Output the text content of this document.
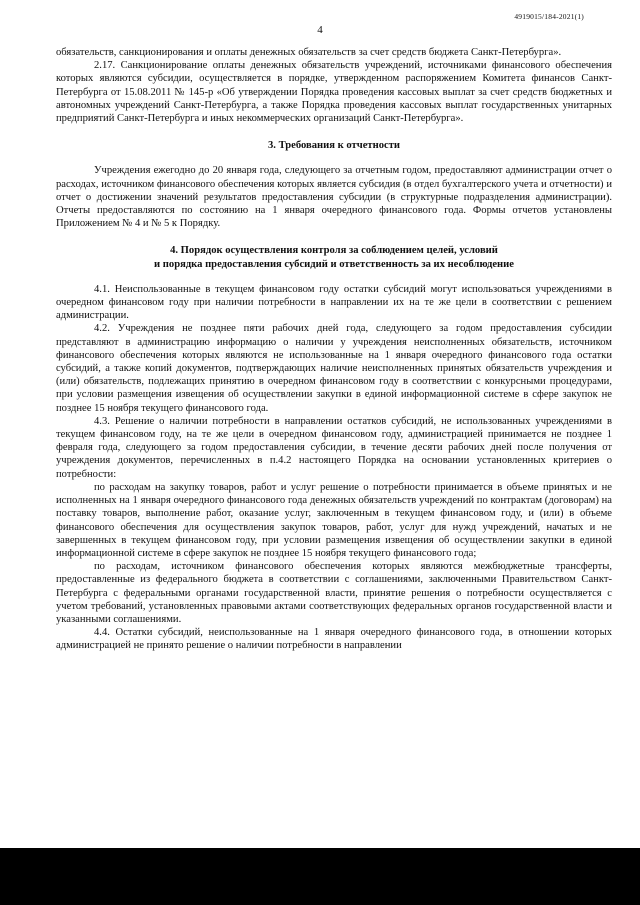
4919015/184-2021(1)
4

обязательств, санкционирования и оплаты денежных обязательств за счет средств бюджета Санкт-Петербурга».

2.17. Санкционирование оплаты денежных обязательств учреждений, источниками финансового обеспечения которых являются субсидии, осуществляется в порядке, утвержденном распоряжением Комитета финансов Санкт-Петербурга от 15.08.2011 № 145-р «Об утверждении Порядка проведения кассовых выплат за счет средств бюджетных и автономных учреждений Санкт-Петербурга, а также Порядка проведения кассовых выплат государственных унитарных предприятий Санкт-Петербурга и иных некоммерческих организаций Санкт-Петербурга».

3. Требования к отчетности

Учреждения ежегодно до 20 января года, следующего за отчетным годом, предоставляют администрации отчет о расходах, источником финансового обеспечения которых является субсидия (в отдел бухгалтерского учета и отчетности) и отчет о достижении значений результатов предоставления субсидии (в структурные подразделения администрации). Отчеты предоставляются по состоянию на 1 января очередного финансового года. Формы отчетов установлены Приложением № 4 и № 5 к Порядку.

4. Порядок осуществления контроля за соблюдением целей, условий
и порядка предоставления субсидий и ответственность за их несоблюдение

4.1. Неиспользованные в текущем финансовом году остатки субсидий могут использоваться учреждениями в очередном финансовом году при наличии потребности в направлении их на те же цели в соответствии с решением администрации.

4.2. Учреждения не позднее пяти рабочих дней года, следующего за годом предоставления субсидии представляют в администрацию информацию о наличии у учреждения неисполненных обязательств, источником финансового обеспечения которых являются не использованные на 1 января очередного финансового года остатки субсидий, а также копий документов, подтверждающих наличие неисполненных принятых обязательств учреждения и (или) обязательств, подлежащих принятию в очередном финансовом году в соответствии с конкурсными процедурами, при условии размещения извещения об осуществлении закупки в единой информационной системе в сфере закупок не позднее 15 ноября текущего финансового года.

4.3. Решение о наличии потребности в направлении остатков субсидий, не использованных учреждениями в текущем финансовом году, на те же цели в очередном финансовом году, администрацией принимается не позднее 1 февраля года, следующего за годом предоставления субсидии, в течение десяти рабочих дней после получения от учреждения документов, перечисленных в п.4.2 настоящего Порядка на основании установленных критериев о потребности:

по расходам на закупку товаров, работ и услуг решение о потребности принимается в объеме принятых и не исполненных на 1 января очередного финансового года денежных обязательств учреждений по контрактам (договорам) на поставку товаров, выполнение работ, оказание услуг, заключенным в текущем финансовом году, и (или) в объеме финансового обеспечения для осуществления закупок товаров, работ, услуг для нужд учреждений, начатых и не завершенных в текущем финансовом году, при условии размещения извещения об осуществлении закупки в единой информационной системе в сфере закупок не позднее 15 ноября текущего финансового года;

по расходам, источником финансового обеспечения которых являются межбюджетные трансферты, предоставленные из федерального бюджета в соответствии с соглашениями, заключенными Правительством Санкт-Петербурга с федеральными органами государственной власти, принятие решения о потребности осуществляется с учетом требований, установленных правовыми актами соответствующих федеральных органов государственной власти и указанными соглашениями.

4.4. Остатки субсидий, неиспользованные на 1 января очередного финансового года, в отношении которых администрацией не принято решение о наличии потребности в направлении
